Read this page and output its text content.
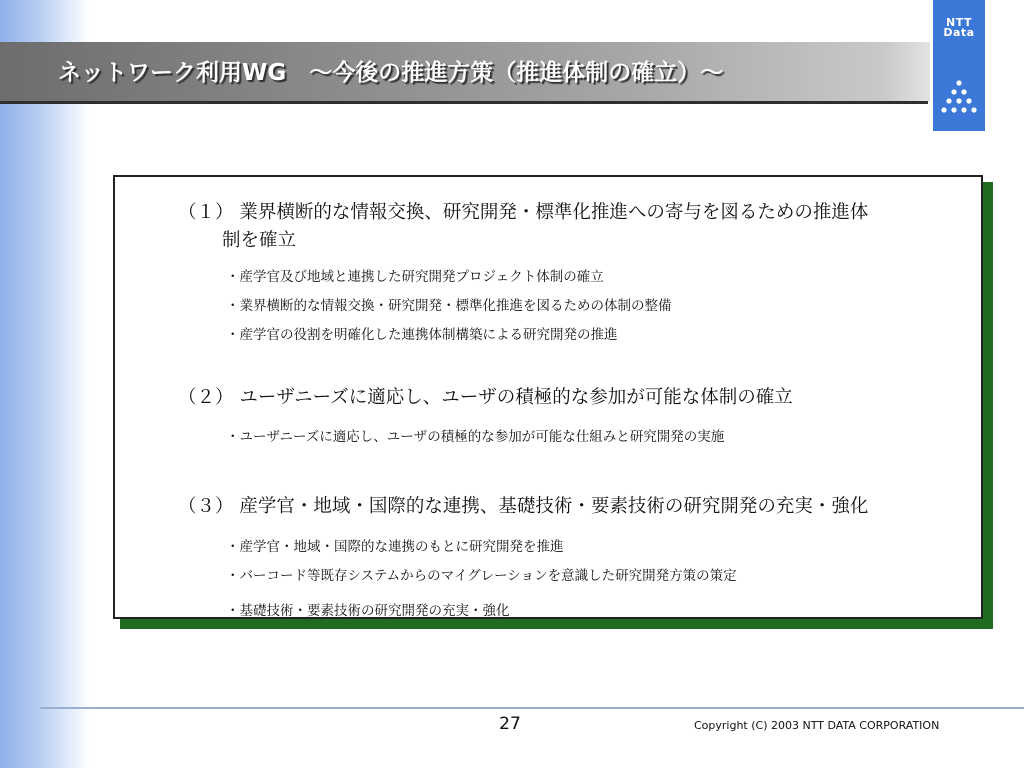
ネットワーク利用WG　～今後の推進方策（推進体制の確立）～
NTT
Data
（１） 業界横断的な情報交換、研究開発・標準化推進への寄与を図るための推進体
制を確立
・産学官及び地域と連携した研究開発プロジェクト体制の確立
・業界横断的な情報交換・研究開発・標準化推進を図るための体制の整備
・産学官の役割を明確化した連携体制構築による研究開発の推進
（２） ユーザニーズに適応し、ユーザの積極的な参加が可能な体制の確立
・ユーザニーズに適応し、ユーザの積極的な参加が可能な仕組みと研究開発の実施
（３） 産学官・地域・国際的な連携、基礎技術・要素技術の研究開発の充実・強化
・産学官・地域・国際的な連携のもとに研究開発を推進
・バーコード等既存システムからのマイグレーションを意識した研究開発方策の策定
・基礎技術・要素技術の研究開発の充実・強化
27	Copyright (C) 2003 NTT DATA CORPORATION
